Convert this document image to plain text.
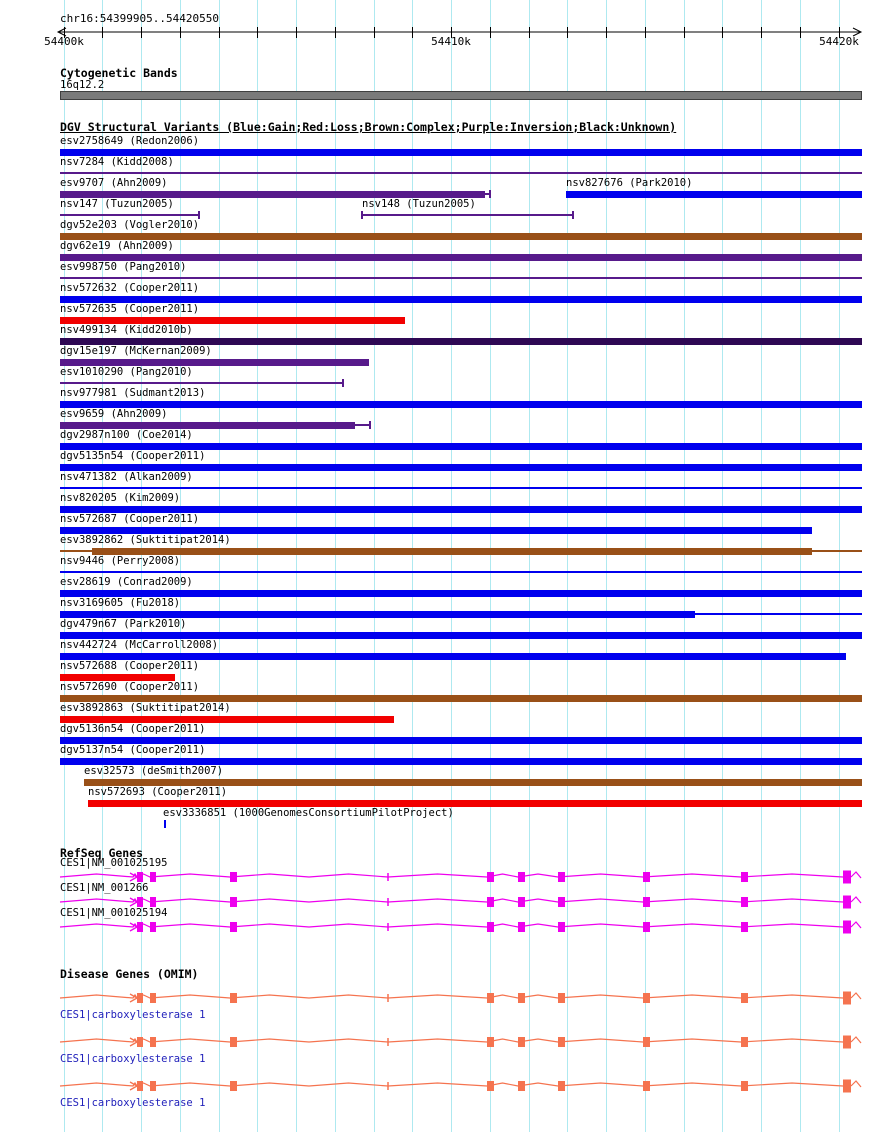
chr16:54399905..54420550
54400k	54410k	54420k
Cytogenetic Bands
16q12.2
DGV Structural Variants (Blue:Gain;Red:Loss;Brown:Complex;Purple:Inversion;Black:Unknown)
esv2758649 (Redon2006)
nsv7284 (Kidd2008)
esv9707 (Ahn2009)	nsv827676 (Park2010)
nsv147 (Tuzun2005)	nsv148 (Tuzun2005)
dgv52e203 (Vogler2010)
dgv62e19 (Ahn2009)
esv998750 (Pang2010)
nsv572632 (Cooper2011)
nsv572635 (Cooper2011)
nsv499134 (Kidd2010b)
dgv15e197 (McKernan2009)
esv1010290 (Pang2010)
nsv977981 (Sudmant2013)
esv9659 (Ahn2009)
dgv2987n100 (Coe2014)
dgv5135n54 (Cooper2011)
nsv471382 (Alkan2009)
nsv820205 (Kim2009)
nsv572687 (Cooper2011)
esv3892862 (Suktitipat2014)
nsv9446 (Perry2008)
esv28619 (Conrad2009)
nsv3169605 (Fu2018)
dgv479n67 (Park2010)
nsv442724 (McCarroll2008)
nsv572688 (Cooper2011)
nsv572690 (Cooper2011)
esv3892863 (Suktitipat2014)
dgv5136n54 (Cooper2011)
dgv5137n54 (Cooper2011)
esv32573 (deSmith2007)
nsv572693 (Cooper2011)
esv3336851 (1000GenomesConsortiumPilotProject)
RefSeq Genes
CES1|NM_001025195
CES1|NM_001266
CES1|NM_001025194
Disease Genes (OMIM)
CES1|carboxylesterase 1
CES1|carboxylesterase 1
CES1|carboxylesterase 1
